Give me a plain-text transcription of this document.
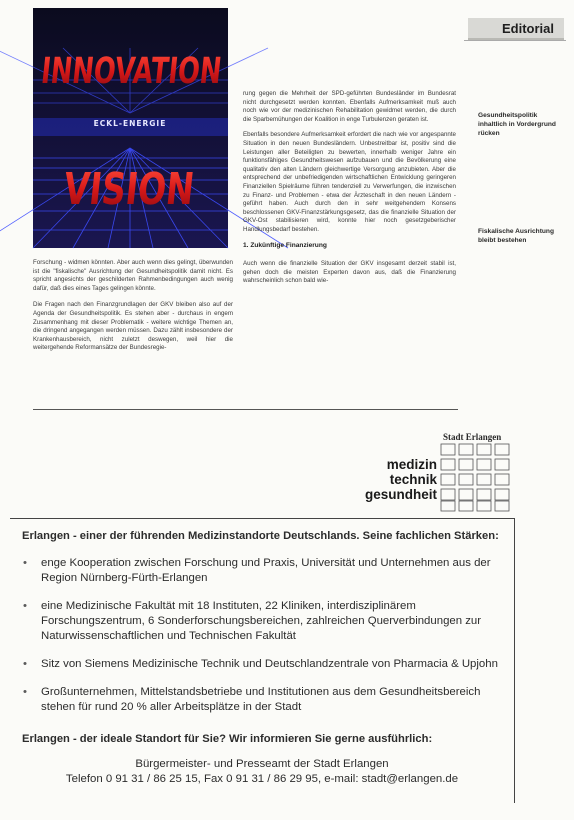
Editorial
INNOVATION
ECKL-ENERGIE
VISION

Forschung - widmen könnten. Aber auch wenn dies gelingt, überwunden ist die "fiskalische" Ausrichtung der Gesundheitspolitik damit nicht. Es spricht angesichts der geschilderten Rahmenbedingungen auch wenig dafür, daß dies eines Tages gelingen könnte.

Die Fragen nach den Finanzgrundlagen der GKV bleiben also auf der Agenda der Gesundheitspolitik. Es stehen aber - durchaus in engem Zusammenhang mit dieser Problematik - weitere wichtige Themen an, die dringend angegangen werden müssen. Dazu zählt insbesondere der Krankenhausbereich, nicht zuletzt deswegen, weil hier die weitergehende Reformansätze der Bundesregie-

rung gegen die Mehrheit der SPD-geführten Bundesländer im Bundesrat nicht durchgesetzt werden konnten. Ebenfalls Aufmerksamkeit muß auch noch wie vor der medizinischen Rehabilitation gewidmet werden, die durch die Sparbemühungen der Koalition in enge Turbulenzen geraten ist.

Ebenfalls besondere Aufmerksamkeit erfordert die nach wie vor angespannte Situation in den neuen Bundesländern. Unbestreitbar ist, positiv sind die Leistungen aller Beteiligten zu bewerten, innerhalb weniger Jahre ein funktionsfähiges Gesundheitswesen aufzubauen und die Bevölkerung eine qualitativ den alten Ländern gleichwertige Versorgung anzubieten. Aber die entsprechend der unbefriedigenden wirtschaftlichen Entwicklung geringeren Finanziellen Spielräume führen tendenziell zu Verwerfungen, die inzwischen zu Finanz- und Problemen - etwa der Ärzteschaft in den neuen Ländern - geführt haben. Auch durch den in sehr weitgehendem Konsens beschlossenen GKV-Finanzstärkungsgesetz, das die finanzielle Situation der GKV-Ost stabilisieren wird, konnte hier noch gesetzgeberischer Handlungsbedarf bestehen.

1. Zukünftige Finanzierung

Auch wenn die finanzielle Situation der GKV insgesamt derzeit stabil ist, gehen doch die meisten Experten davon aus, daß die Finanzierung wahrscheinlich schon bald wie-

Gesundheitspolitik inhaltlich in Vordergrund rücken
Fiskalische Ausrichtung bleibt bestehen
Stadt Erlangen
medizin
technik
gesundheit
Erlangen - einer der führenden Medizinstandorte Deutschlands. Seine fachlichen Stärken:
• enge Kooperation zwischen Forschung und Praxis, Universität und Unternehmen aus der Region Nürnberg-Fürth-Erlangen
• eine Medizinische Fakultät mit 18 Instituten, 22 Kliniken, interdisziplinärem Forschungszentrum, 6 Sonderforschungsbereichen, zahlreichen Querverbindungen zur Naturwissenschaftlichen und Technischen Fakultät
• Sitz von Siemens Medizinische Technik und Deutschlandzentrale von Pharmacia & Upjohn
• Großunternehmen, Mittelstandsbetriebe und Institutionen aus dem Gesundheitsbereich stehen für rund 20 % aller Arbeitsplätze in der Stadt
Erlangen - der ideale Standort für Sie? Wir informieren Sie gerne ausführlich:
Bürgermeister- und Presseamt der Stadt Erlangen
Telefon 0 91 31 / 86 25 15, Fax 0 91 31 / 86 29 95, e-mail: stadt@erlangen.de
